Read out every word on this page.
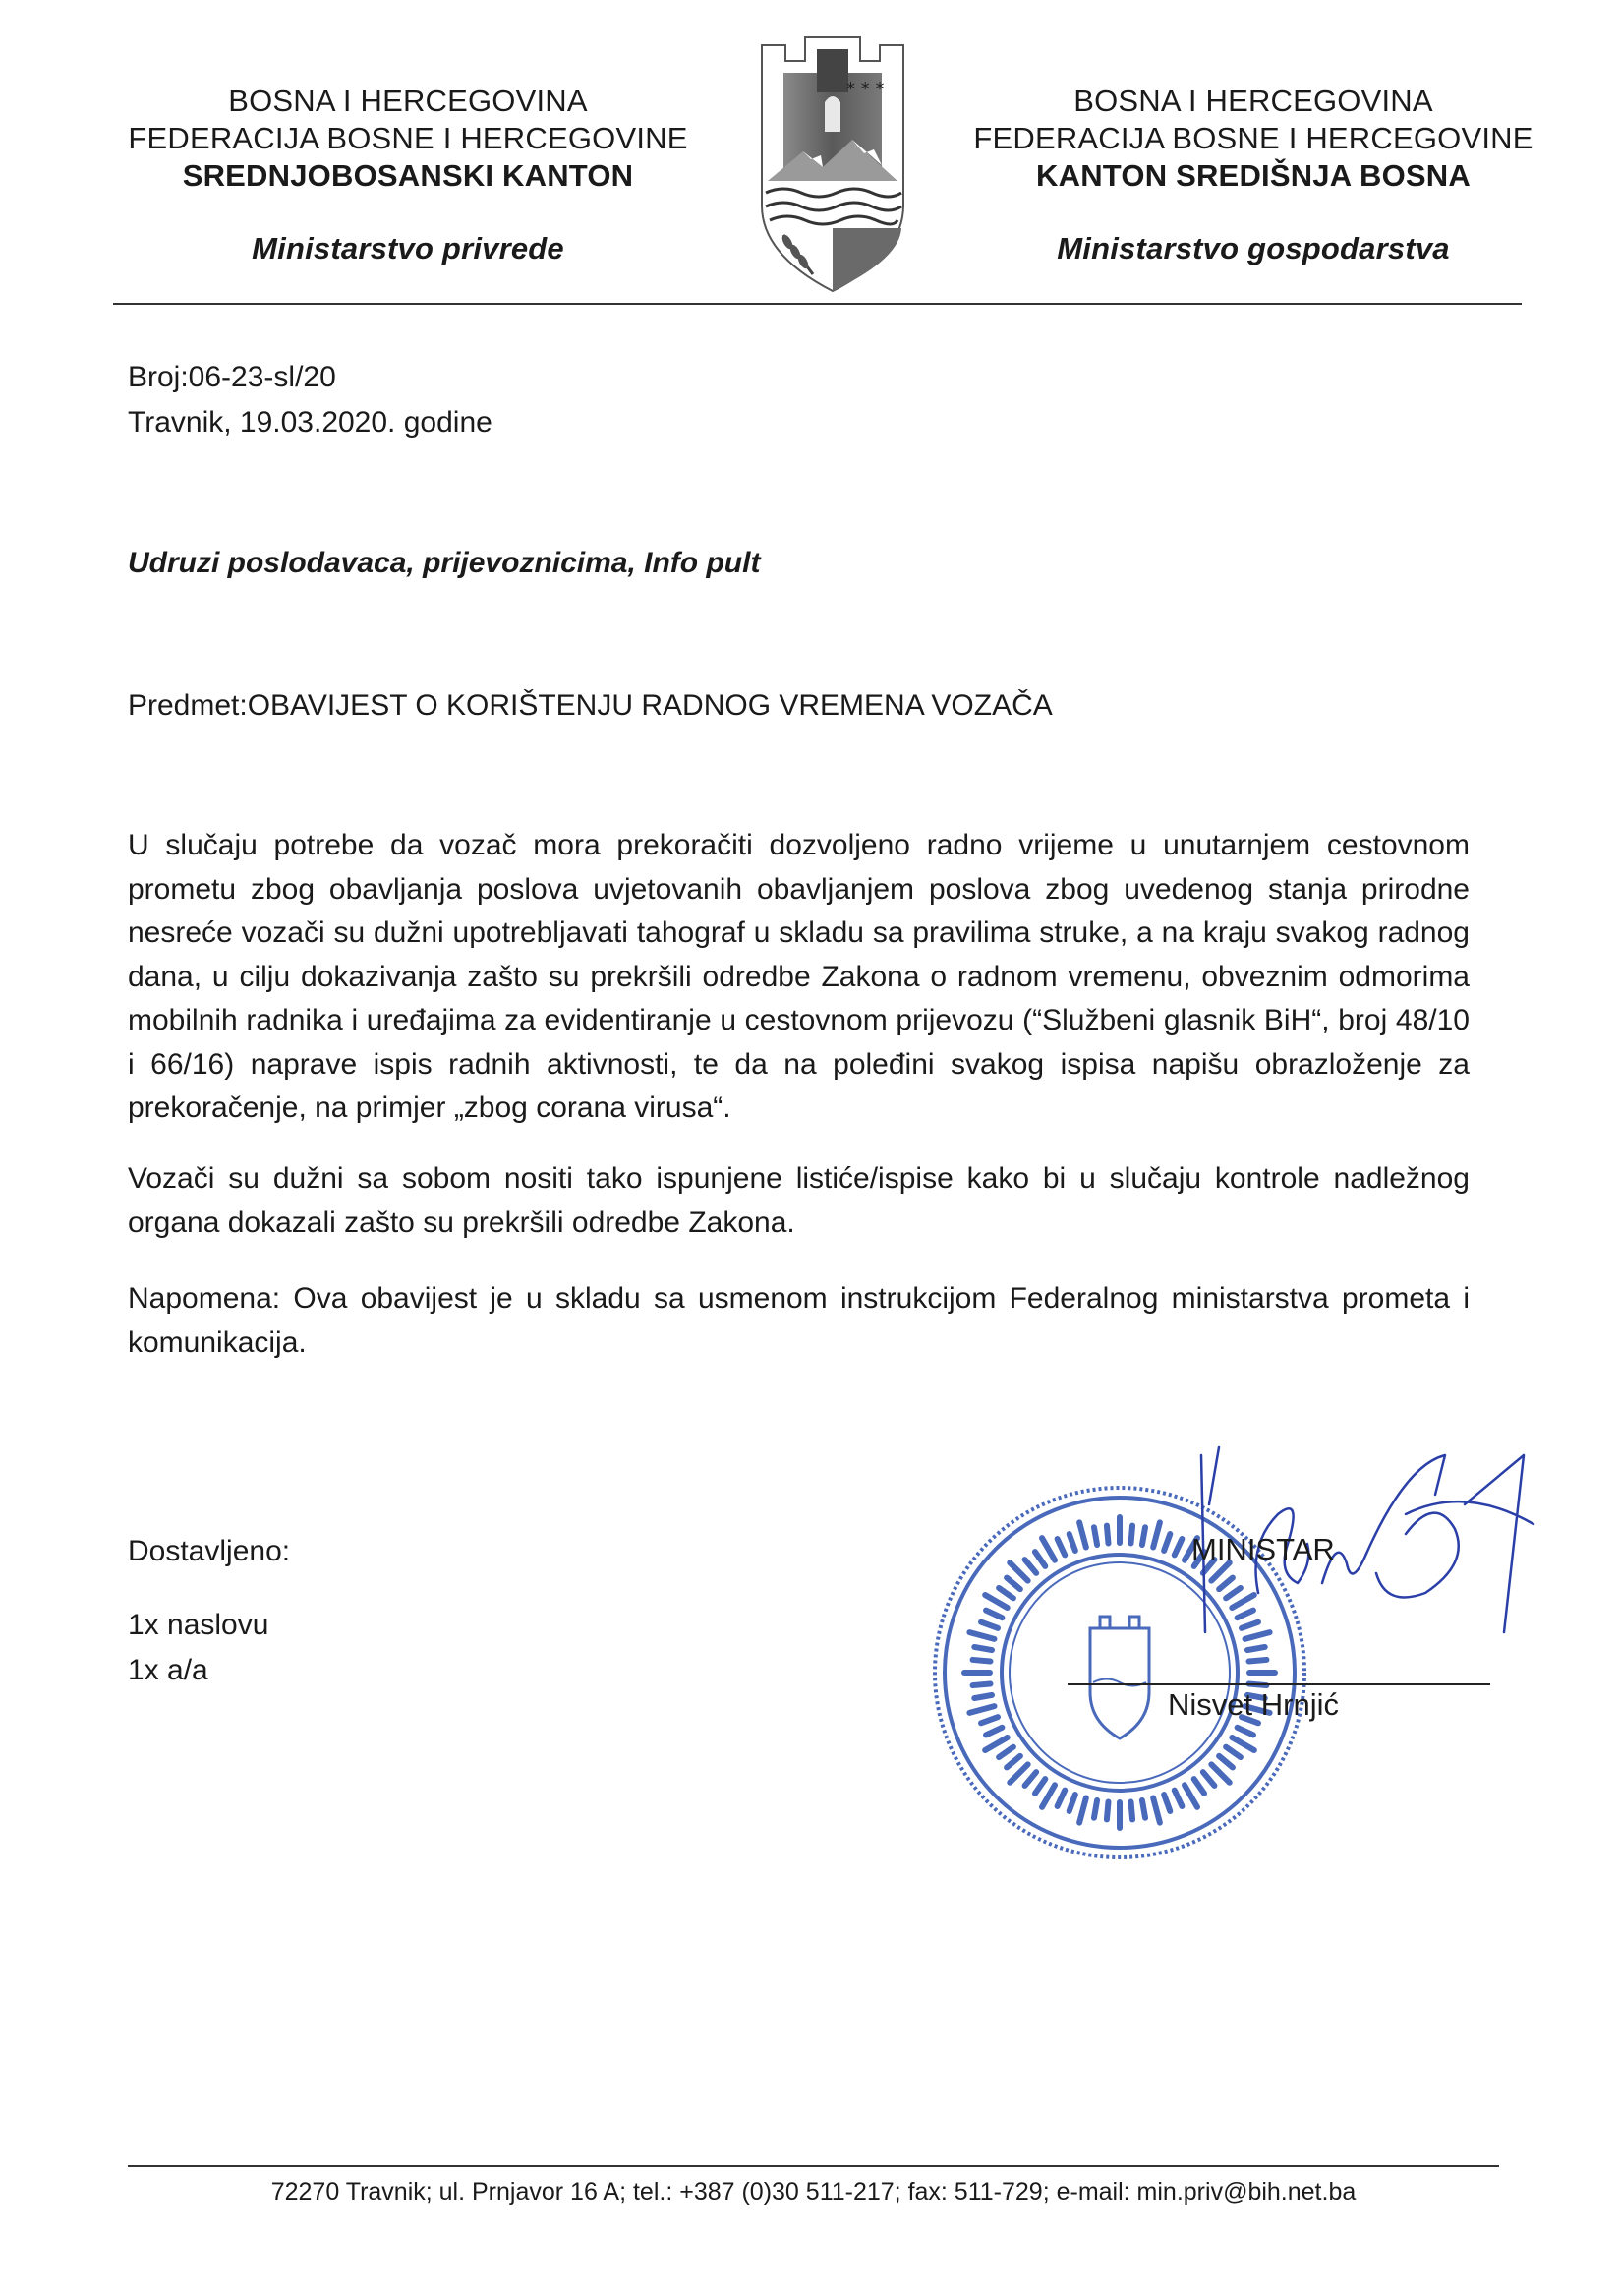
BOSNA I HERCEGOVINA
FEDERACIJA BOSNE I HERCEGOVINE
SREDNJOBOSANSKI KANTON
Ministarstvo privrede
* * *	BOSNA I HERCEGOVINA
FEDERACIJA BOSNE I HERCEGOVINE
KANTON SREDIŠNJA BOSNA
Ministarstvo gospodarstva
Broj:06-23-sl/20
Travnik, 19.03.2020. godine
Udruzi poslodavaca, prijevoznicima, Info pult
Predmet:OBAVIJEST O KORIŠTENJU RADNOG VREMENA VOZAČA
U slučaju potrebe da vozač mora prekoračiti dozvoljeno radno vrijeme u unutarnjem cestovnom prometu zbog obavljanja poslova uvjetovanih obavljanjem poslova zbog uvedenog stanja prirodne nesreće vozači su dužni upotrebljavati tahograf u skladu sa pravilima struke, a na kraju svakog radnog dana, u cilju dokazivanja zašto su prekršili odredbe Zakona o radnom vremenu, obveznim odmorima mobilnih radnika i uređajima za evidentiranje u cestovnom prijevozu (“Službeni glasnik BiH“, broj 48/10 i 66/16) naprave ispis radnih aktivnosti, te da na poleđini svakog ispisa napišu obrazloženje za prekoračenje, na primjer „zbog corana virusa“.
Vozači su dužni sa sobom nositi tako ispunjene listiće/ispise kako bi u slučaju kontrole nadležnog organa dokazali zašto su prekršili odredbe Zakona.
Napomena: Ova obavijest je u skladu sa usmenom instrukcijom Federalnog ministarstva prometa i komunikacija.
Dostavljeno:
1x naslovu
1x a/a
MINISTAR
Nisvet Hrnjić
72270 Travnik; ul. Prnjavor 16 A; tel.: +387 (0)30 511-217; fax: 511-729; e-mail: min.priv@bih.net.ba
